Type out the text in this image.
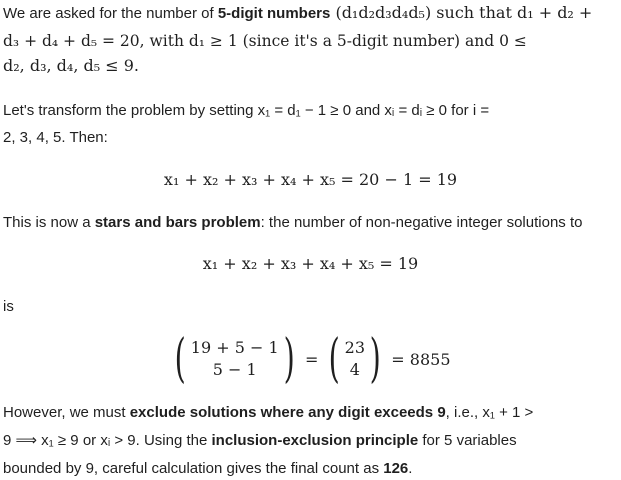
We are asked for the number of 5-digit numbers (d₁d₂d₃d₄d₅) such that d₁ + d₂ +
d₃ + d₄ + d₅ = 20, with d₁ ≥ 1 (since it's a 5-digit number) and 0 ≤
d₂, d₃, d₄, d₅ ≤ 9.
Let's transform the problem by setting x₁ = d₁ − 1 ≥ 0 and xᵢ = dᵢ ≥ 0 for i =
2, 3, 4, 5. Then:
x₁ + x₂ + x₃ + x₄ + x₅ = 20 − 1 = 19
This is now a stars and bars problem: the number of non-negative integer solutions to
x₁ + x₂ + x₃ + x₄ + x₅ = 19
is
( 19 + 5 − 1
5 − 1 ) = ( 23
4 ) = 8855
However, we must exclude solutions where any digit exceeds 9, i.e., x₁ + 1 >
9 ⟹ x₁ ≥ 9 or xᵢ > 9. Using the inclusion-exclusion principle for 5 variables
bounded by 9, careful calculation gives the final count as 126.
